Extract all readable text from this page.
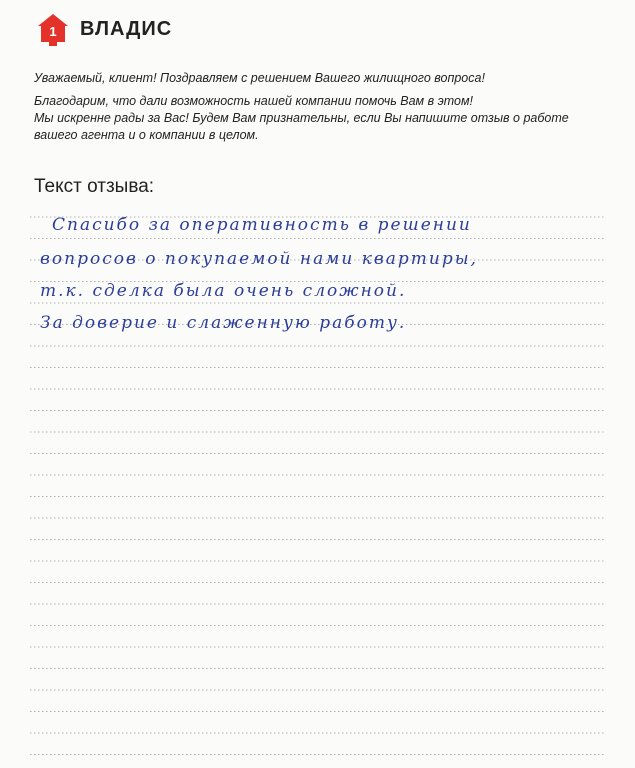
1 ВЛАДИС

Уважаемый, клиент! Поздравляем с решением Вашего жилищного вопроса!

Благодарим, что дали возможность нашей компании помочь Вам в этом!

Мы искренне рады за Вас! Будем Вам признательны, если Вы напишите отзыв о работе

вашего агента и о компании в целом.

Текст отзыва:
Спасибо за оперативность в решении
вопросов о покупаемой нами квартиры,
т.к. сделка была очень сложной.
За доверие и слаженную работу.
